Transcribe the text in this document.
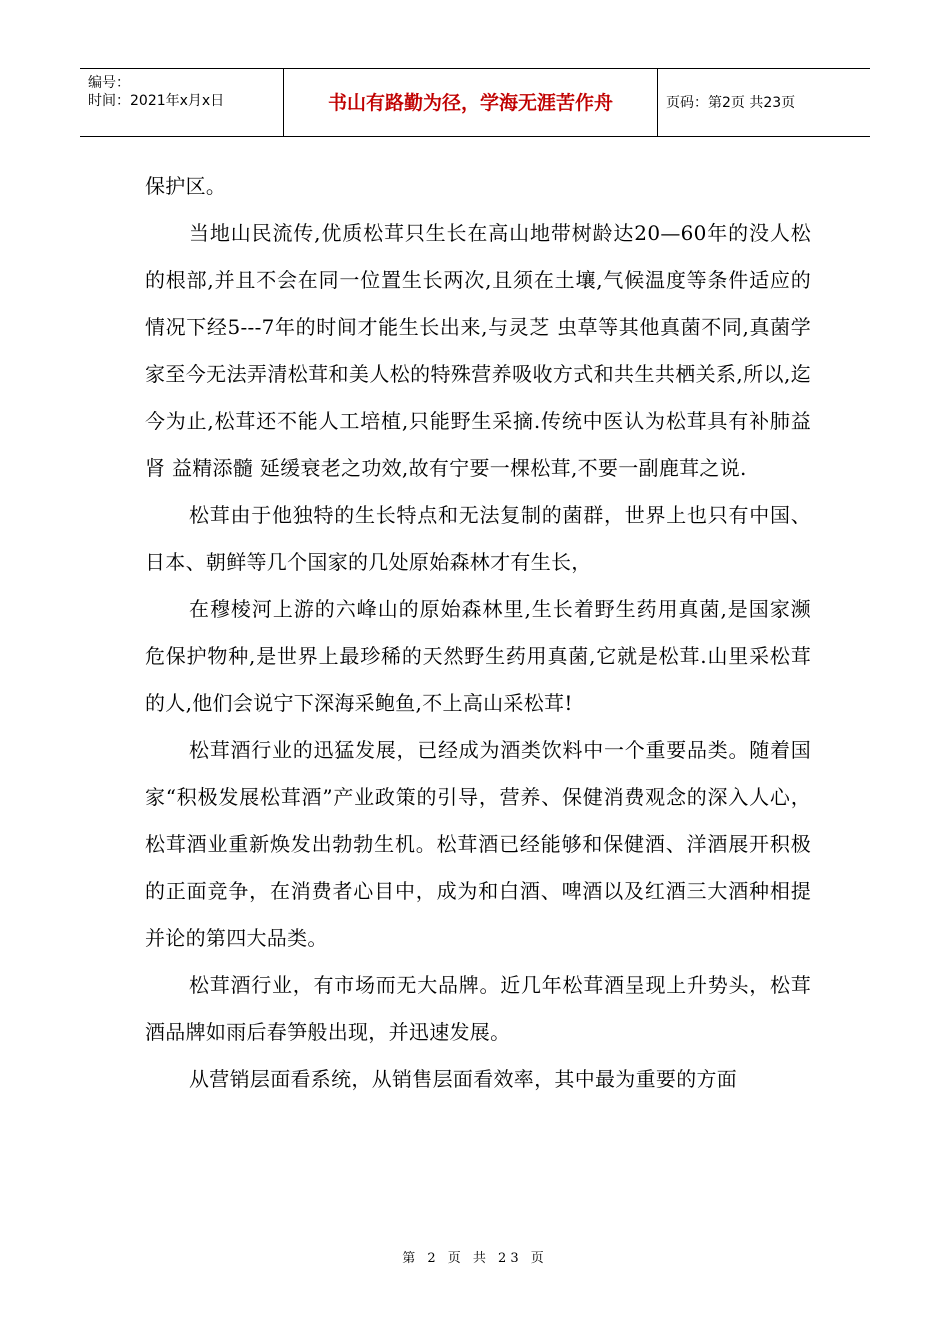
编号：
时间：2021年x月x日	书山有路勤为径，学海无涯苦作舟	页码：第2页 共23页

保护区。

当地山民流传,优质松茸只生长在高山地带树龄达20—60年的没人松的根部,并且不会在同一位置生长两次,且须在土壤,气候温度等条件适应的情况下经5---7年的时间才能生长出来,与灵芝 虫草等其他真菌不同,真菌学家至今无法弄清松茸和美人松的特殊营养吸收方式和共生共栖关系,所以,迄今为止,松茸还不能人工培植,只能野生采摘.传统中医认为松茸具有补肺益肾 益精添髓 延缓衰老之功效,故有宁要一棵松茸,不要一副鹿茸之说.

松茸由于他独特的生长特点和无法复制的菌群，世界上也只有中国、日本、朝鲜等几个国家的几处原始森林才有生长，

在穆棱河上游的六峰山的原始森林里,生长着野生药用真菌,是国家濒危保护物种,是世界上最珍稀的天然野生药用真菌,它就是松茸.山里采松茸的人,他们会说宁下深海采鲍鱼,不上高山采松茸!

松茸酒行业的迅猛发展，已经成为酒类饮料中一个重要品类。随着国家“积极发展松茸酒”产业政策的引导，营养、保健消费观念的深入人心，松茸酒业重新焕发出勃勃生机。松茸酒已经能够和保健酒、洋酒展开积极的正面竞争，在消费者心目中，成为和白酒、啤酒以及红酒三大酒种相提并论的第四大品类。

松茸酒行业，有市场而无大品牌。近几年松茸酒呈现上升势头，松茸酒品牌如雨后春笋般出现，并迅速发展。

从营销层面看系统，从销售层面看效率，其中最为重要的方面

第 2 页 共 23 页
